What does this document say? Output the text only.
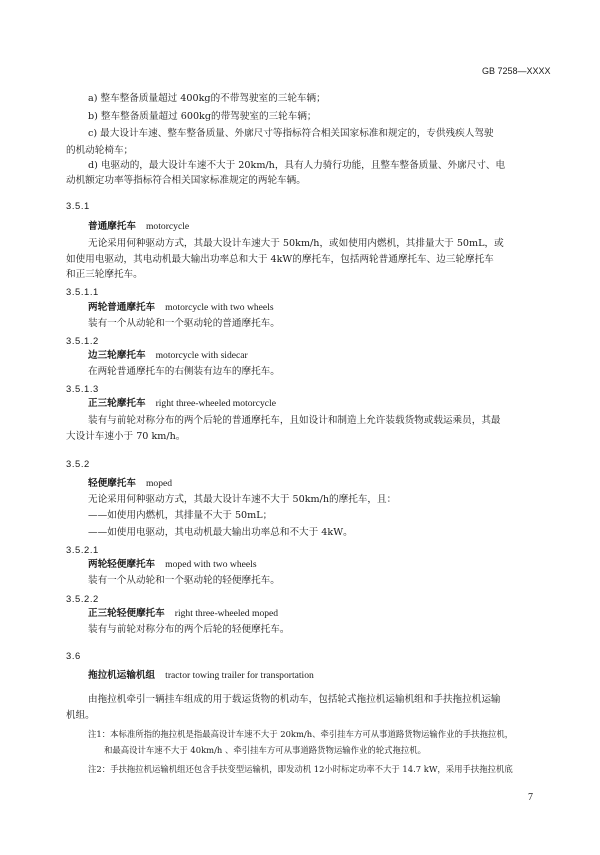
GB 7258—XXXX
a) 整车整备质量超过 400kg的不带驾驶室的三轮车辆；
b) 整车整备质量超过 600kg的带驾驶室的三轮车辆；
c) 最大设计车速、整车整备质量、外廓尺寸等指标符合相关国家标准和规定的，专供残疾人驾驶
的机动轮椅车；
d) 电驱动的，最大设计车速不大于 20km/h，具有人力骑行功能，且整车整备质量、外廓尺寸、电
动机额定功率等指标符合相关国家标准规定的两轮车辆。
3.5.1
普通摩托车 motorcycle
无论采用何种驱动方式，其最大设计车速大于 50km/h，或如使用内燃机，其排量大于 50mL，或
如使用电驱动，其电动机最大输出功率总和大于 4kW的摩托车，包括两轮普通摩托车、边三轮摩托车
和正三轮摩托车。
3.5.1.1
两轮普通摩托车 motorcycle with two wheels
装有一个从动轮和一个驱动轮的普通摩托车。
3.5.1.2
边三轮摩托车 motorcycle with sidecar
在两轮普通摩托车的右侧装有边车的摩托车。
3.5.1.3
正三轮摩托车 right three-wheeled motorcycle
装有与前轮对称分布的两个后轮的普通摩托车，且如设计和制造上允许装载货物或载运乘员，其最
大设计车速小于 70 km/h。
3.5.2
轻便摩托车 moped
无论采用何种驱动方式，其最大设计车速不大于 50km/h的摩托车，且：
——如使用内燃机，其排量不大于 50mL；
——如使用电驱动，其电动机最大输出功率总和不大于 4kW。
3.5.2.1
两轮轻便摩托车 moped with two wheels
装有一个从动轮和一个驱动轮的轻便摩托车。
3.5.2.2
正三轮轻便摩托车 right three-wheeled moped
装有与前轮对称分布的两个后轮的轻便摩托车。
3.6
拖拉机运输机组 tractor towing trailer for transportation
由拖拉机牵引一辆挂车组成的用于载运货物的机动车，包括轮式拖拉机运输机组和手扶拖拉机运输
机组。
注1：本标准所指的拖拉机是指最高设计车速不大于 20km/h、牵引挂车方可从事道路货物运输作业的手扶拖拉机，
和最高设计车速不大于 40km/h 、牵引挂车方可从事道路货物运输作业的轮式拖拉机。
注2：手扶拖拉机运输机组还包含手扶变型运输机，即发动机 12小时标定功率不大于 14.7 kW，采用手扶拖拉机底
7
